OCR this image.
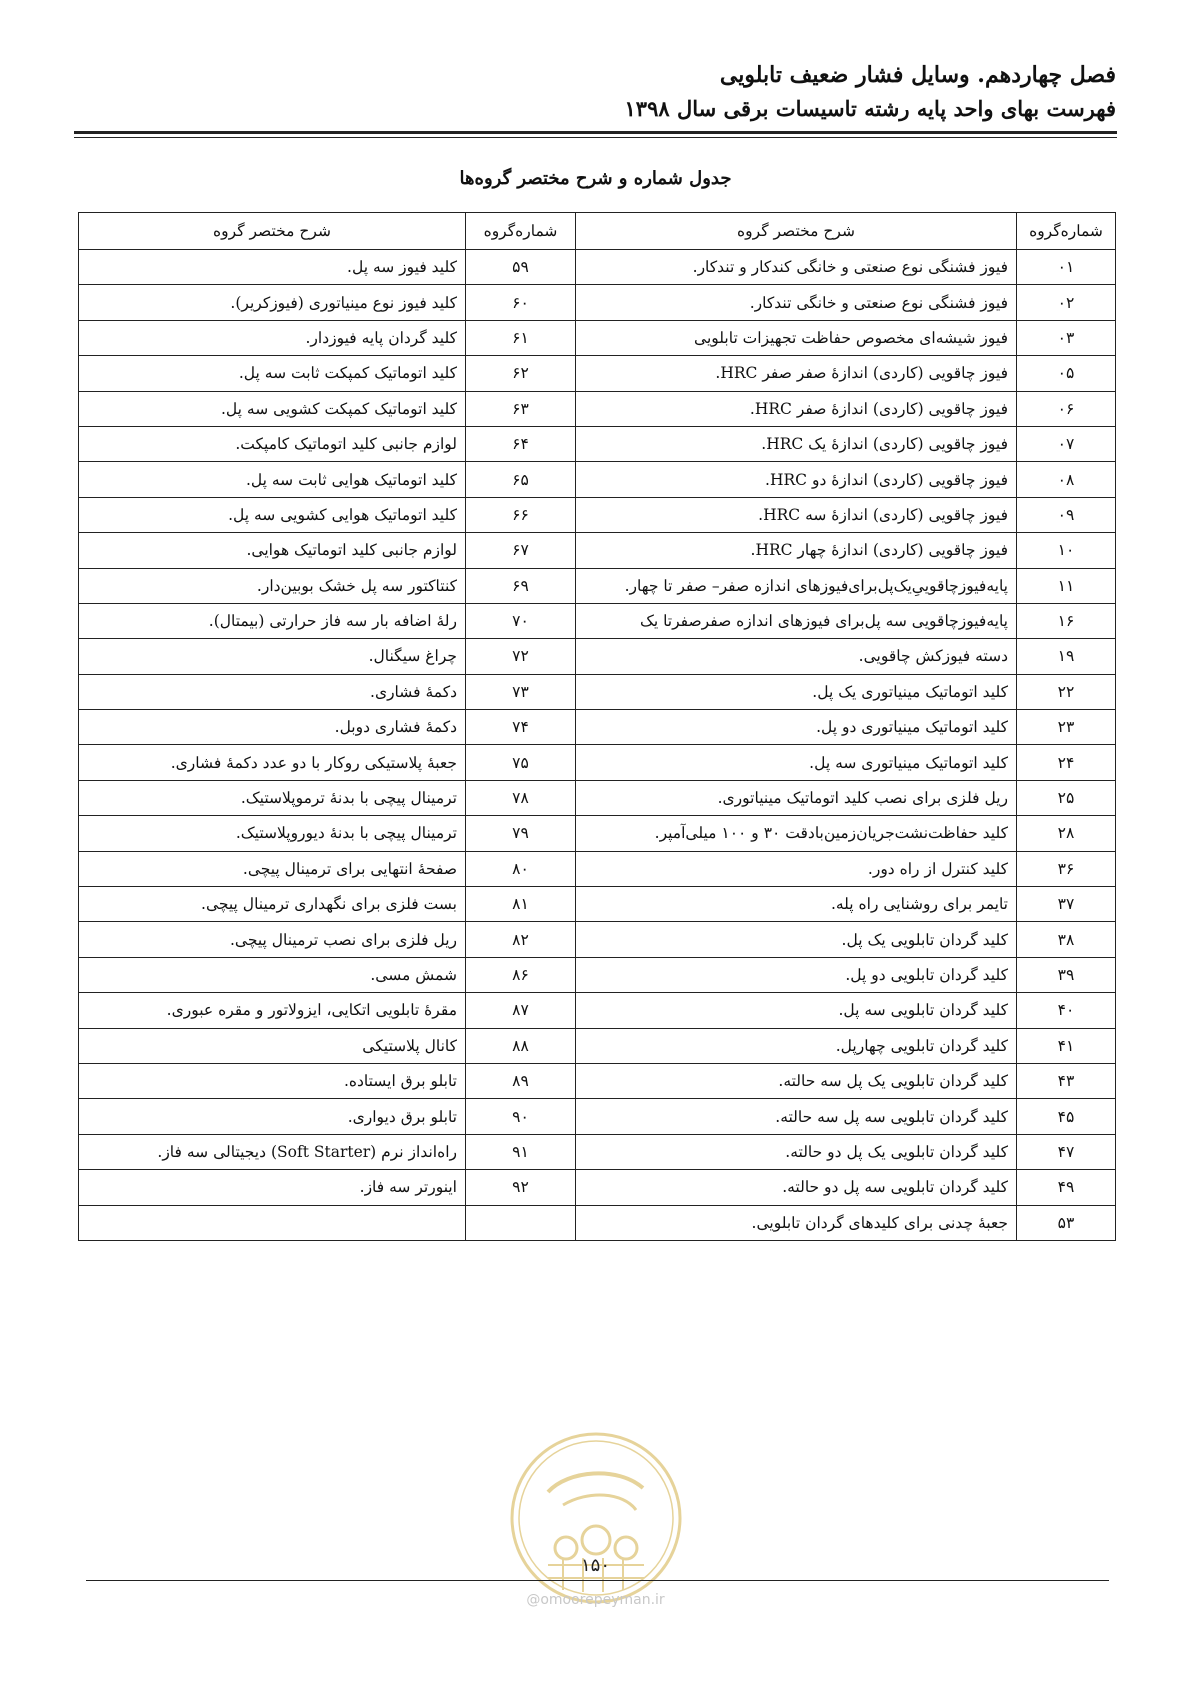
فصل چهاردهم. وسایل فشار ضعیف تابلویی
فهرست بهای واحد پایه رشته تاسیسات برقی سال ۱۳۹۸
جدول شماره و شرح مختصر گروه‌ها
شماره‌گروه	شرح مختصر گروه	شماره‌گروه	شرح مختصر گروه
۰۱	فیوز فشنگی نوع صنعتی و خانگی کندکار و تندکار.	۵۹	کلید فیوز سه پل.
۰۲	فیوز فشنگی نوع صنعتی و خانگی تندکار.	۶۰	کلید فیوز نوع مینیاتوری (فیوزکریر).
۰۳	فیوز شیشه‌ای مخصوص حفاظت تجهیزات تابلویی	۶۱	کلید گردان پایه فیوزدار.
۰۵	فیوز چاقویی (کاردی) اندازهٔ صفر صفر HRC.	۶۲	کلید اتوماتیک کمپکت ثابت سه پل.
۰۶	فیوز چاقویی (کاردی) اندازهٔ صفر HRC.	۶۳	کلید اتوماتیک کمپکت کشویی سه پل.
۰۷	فیوز چاقویی (کاردی) اندازهٔ یک HRC.	۶۴	لوازم جانبی کلید اتوماتیک کامپکت.
۰۸	فیوز چاقویی (کاردی) اندازهٔ دو HRC.	۶۵	کلید اتوماتیک هوایی ثابت سه پل.
۰۹	فیوز چاقویی (کاردی) اندازهٔ سه HRC.	۶۶	کلید اتوماتیک هوایی کشویی سه پل.
۱۰	فیوز چاقویی (کاردی) اندازهٔ چهار HRC.	۶۷	لوازم جانبی کلید اتوماتیک هوایی.
۱۱	پایه‌فیوزچاقوییِ‌یک‌پل‌برای‌فیوزهای اندازه صفر– صفر تا چهار.	۶۹	کنتاکتور سه پل خشک بوبین‌دار.
۱۶	پایه‌فیوزچاقویی سه پل‌برای فیوزهای اندازه صفرصفرتا یک	۷۰	رلهٔ اضافه بار سه فاز حرارتی (بیمتال).
۱۹	دسته فیوزکش چاقویی.	۷۲	چراغ سیگنال.
۲۲	کلید اتوماتیک مینیاتوری یک پل.	۷۳	دکمهٔ فشاری.
۲۳	کلید اتوماتیک مینیاتوری دو پل.	۷۴	دکمهٔ فشاری دوبل.
۲۴	کلید اتوماتیک مینیاتوری سه پل.	۷۵	جعبهٔ پلاستیکی روکار با دو عدد دکمهٔ فشاری.
۲۵	ریل فلزی برای نصب کلید اتوماتیک مینیاتوری.	۷۸	ترمینال پیچی با بدنهٔ ترموپلاستیک.
۲۸	کلید حفاظت‌نشت‌جریان‌زمین‌بادقت ۳۰ و ۱۰۰ میلی‌آمپر.	۷۹	ترمینال پیچی با بدنهٔ دیوروپلاستیک.
۳۶	کلید کنترل از راه دور.	۸۰	صفحهٔ انتهایی برای ترمینال پیچی.
۳۷	تایمر برای روشنایی راه پله.	۸۱	بست فلزی برای نگهداری ترمینال پیچی.
۳۸	کلید گردان تابلویی یک پل.	۸۲	ریل فلزی برای نصب ترمینال پیچی.
۳۹	کلید گردان تابلویی دو پل.	۸۶	شمش مسی.
۴۰	کلید گردان تابلویی سه پل.	۸۷	مقرهٔ تابلویی اتکایی، ایزولاتور و مقره عبوری.
۴۱	کلید گردان تابلویی چهارپل.	۸۸	کانال پلاستیکی
۴۳	کلید گردان تابلویی یک پل سه حالته.	۸۹	تابلو برق ایستاده.
۴۵	کلید گردان تابلویی سه پل سه حالته.	۹۰	تابلو برق دیواری.
۴۷	کلید گردان تابلویی یک پل دو حالته.	۹۱	راه‌انداز نرم (Soft Starter) دیجیتالی سه فاز.
۴۹	کلید گردان تابلویی سه پل دو حالته.	۹۲	اینورتر سه فاز.
۵۳	جعبهٔ چدنی برای کلیدهای گردان تابلویی.		
۱۵۰
@omoorepeyman.ir
